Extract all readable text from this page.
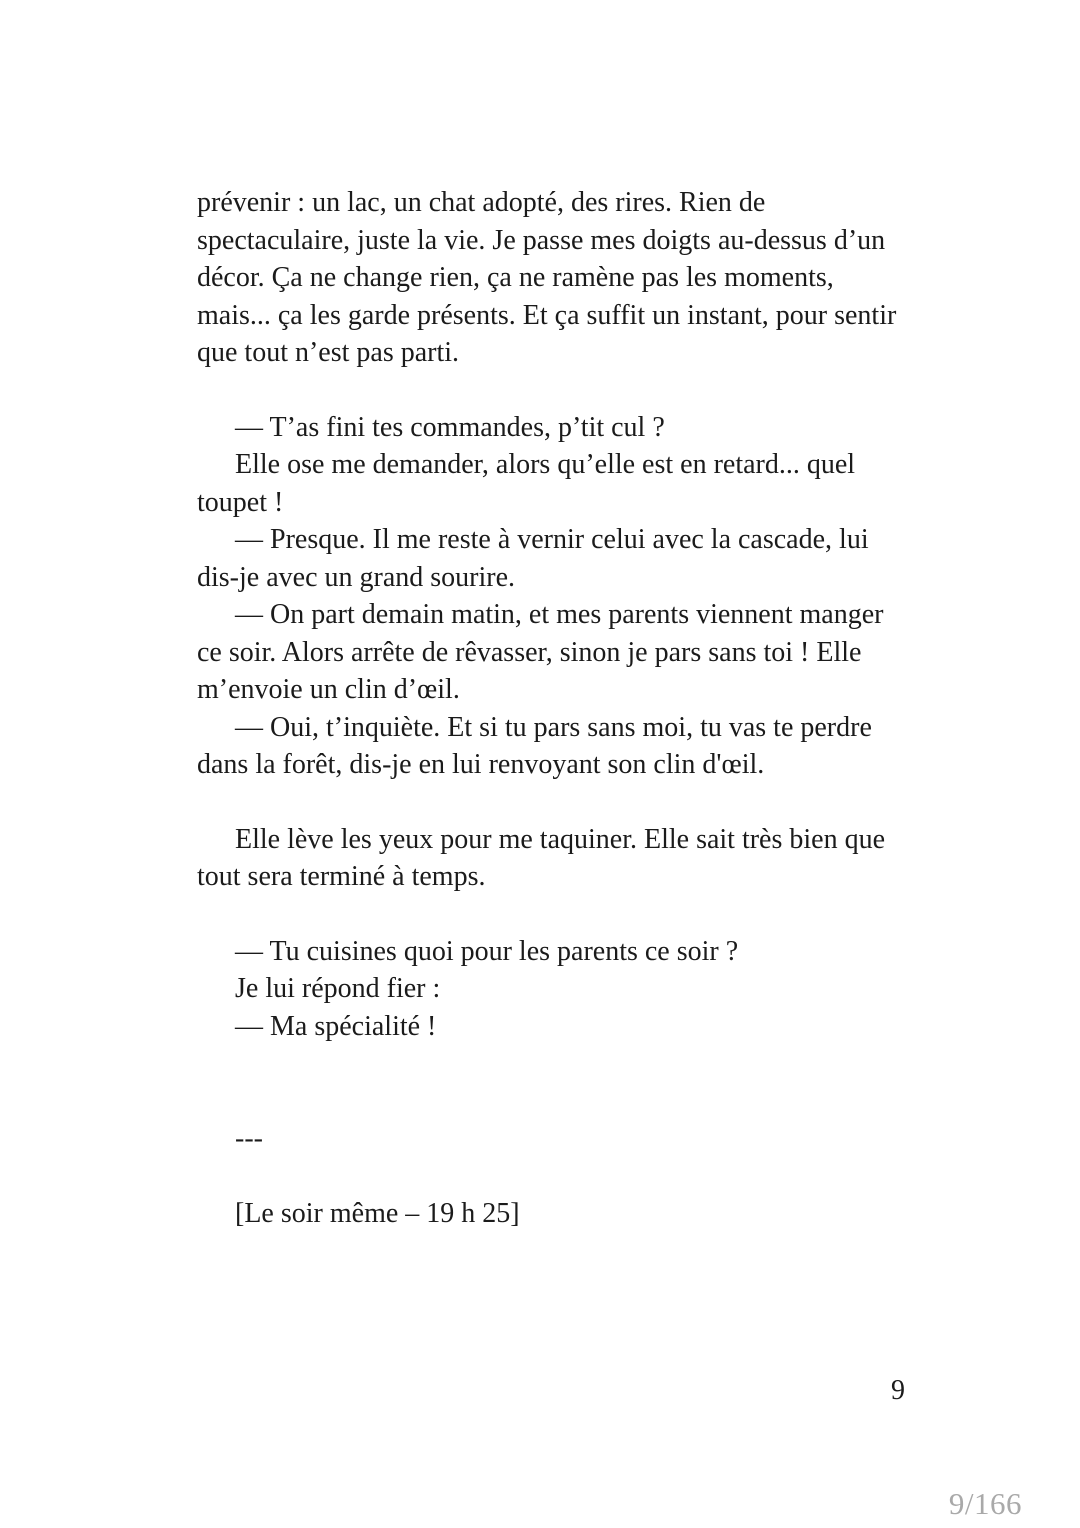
prévenir : un lac, un chat adopté, des rires. Rien de spectaculaire, juste la vie. Je passe mes doigts au-dessus d’un décor. Ça ne change rien, ça ne ramène pas les moments, mais... ça les garde présents. Et ça suffit un instant, pour sentir que tout n’est pas parti.

— T’as fini tes commandes, p’tit cul ?

Elle ose me demander, alors qu’elle est en retard... quel toupet !

— Presque. Il me reste à vernir celui avec la cascade, lui dis-je avec un grand sourire.

— On part demain matin, et mes parents viennent manger ce soir. Alors arrête de rêvasser, sinon je pars sans toi ! Elle m’envoie un clin d’œil.

— Oui, t’inquiète. Et si tu pars sans moi, tu vas te perdre dans la forêt, dis-je en lui renvoyant son clin d'œil.

Elle lève les yeux pour me taquiner. Elle sait très bien que tout sera terminé à temps.

— Tu cuisines quoi pour les parents ce soir ?

Je lui répond fier :

— Ma spécialité !

---

[Le soir même – 19 h 25]

9
9/166
